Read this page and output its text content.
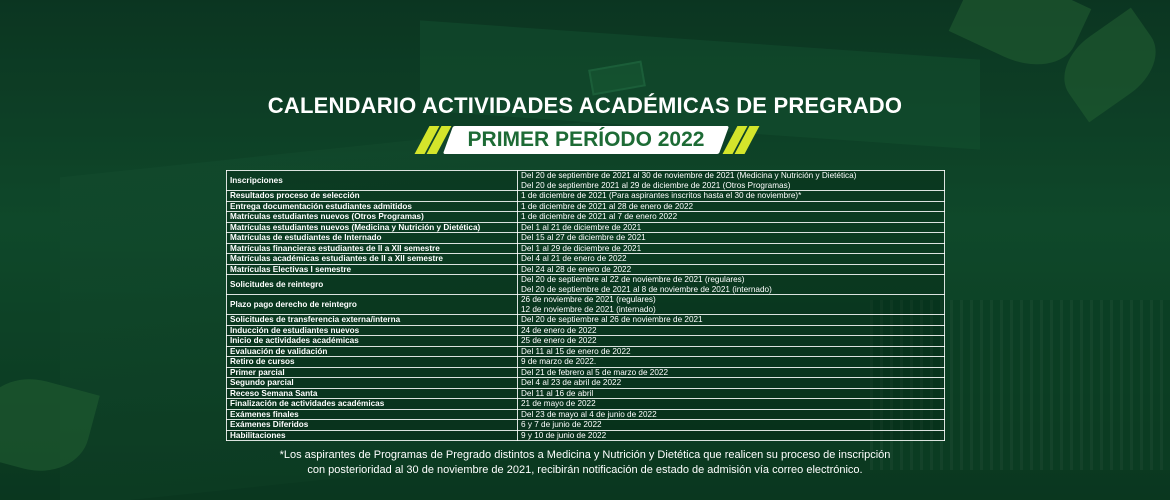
CALENDARIO ACTIVIDADES ACADÉMICAS DE PREGRADO
PRIMER PERÍODO 2022
Inscripciones	Del 20 de septiembre de 2021 al 30 de noviembre de 2021 (Medicina y Nutrición y Dietética)
Del 20 de septiembre 2021 al 29 de diciembre de 2021 (Otros Programas)

Resultados proceso de selección	1 de diciembre de 2021 (Para aspirantes inscritos hasta el 30 de noviembre)*

Entrega documentación estudiantes admitidos	1 de diciembre de 2021 al 28 de enero de 2022

Matrículas estudiantes nuevos (Otros Programas)	1 de diciembre de 2021 al 7 de enero 2022

Matrículas estudiantes nuevos (Medicina y Nutrición y Dietética)	Del 1 al 21 de diciembre de 2021

Matrículas de estudiantes de Internado	Del 15 al 27 de diciembre de 2021

Matrículas financieras estudiantes de II a XII semestre	Del 1 al 29 de diciembre de 2021

Matrículas académicas estudiantes de II a XII semestre	Del 4 al 21 de enero de 2022

Matrículas Electivas I semestre	Del 24 al 28 de enero de 2022

Solicitudes de reintegro	Del 20 de septiembre al 22 de noviembre de 2021 (regulares)
Del 20 de septiembre de 2021 al 8 de noviembre de 2021 (internado)

Plazo pago derecho de reintegro	26 de noviembre de 2021 (regulares)
12 de noviembre de 2021 (internado)

Solicitudes de transferencia externa/interna	Del 20 de septiembre al 26 de noviembre de 2021

Inducción de estudiantes nuevos	24 de enero de 2022

Inicio de actividades académicas	25 de enero de 2022

Evaluación de validación	Del 11 al 15 de enero de 2022

Retiro de cursos	9 de marzo de 2022.

Primer parcial	Del 21 de febrero al 5 de marzo de 2022

Segundo parcial	Del 4 al 23 de abril de 2022

Receso Semana Santa	Del 11 al 16 de abril

Finalización de actividades académicas	21 de mayo de 2022

Exámenes finales	Del 23 de mayo al 4 de junio de 2022

Exámenes Diferidos	6 y 7 de junio de 2022

Habilitaciones	9 y 10 de junio de 2022
*Los aspirantes de Programas de Pregrado distintos a Medicina y Nutrición y Dietética que realicen su proceso de inscripción
con posterioridad al 30 de noviembre de 2021, recibirán notificación de estado de admisión vía correo electrónico.
